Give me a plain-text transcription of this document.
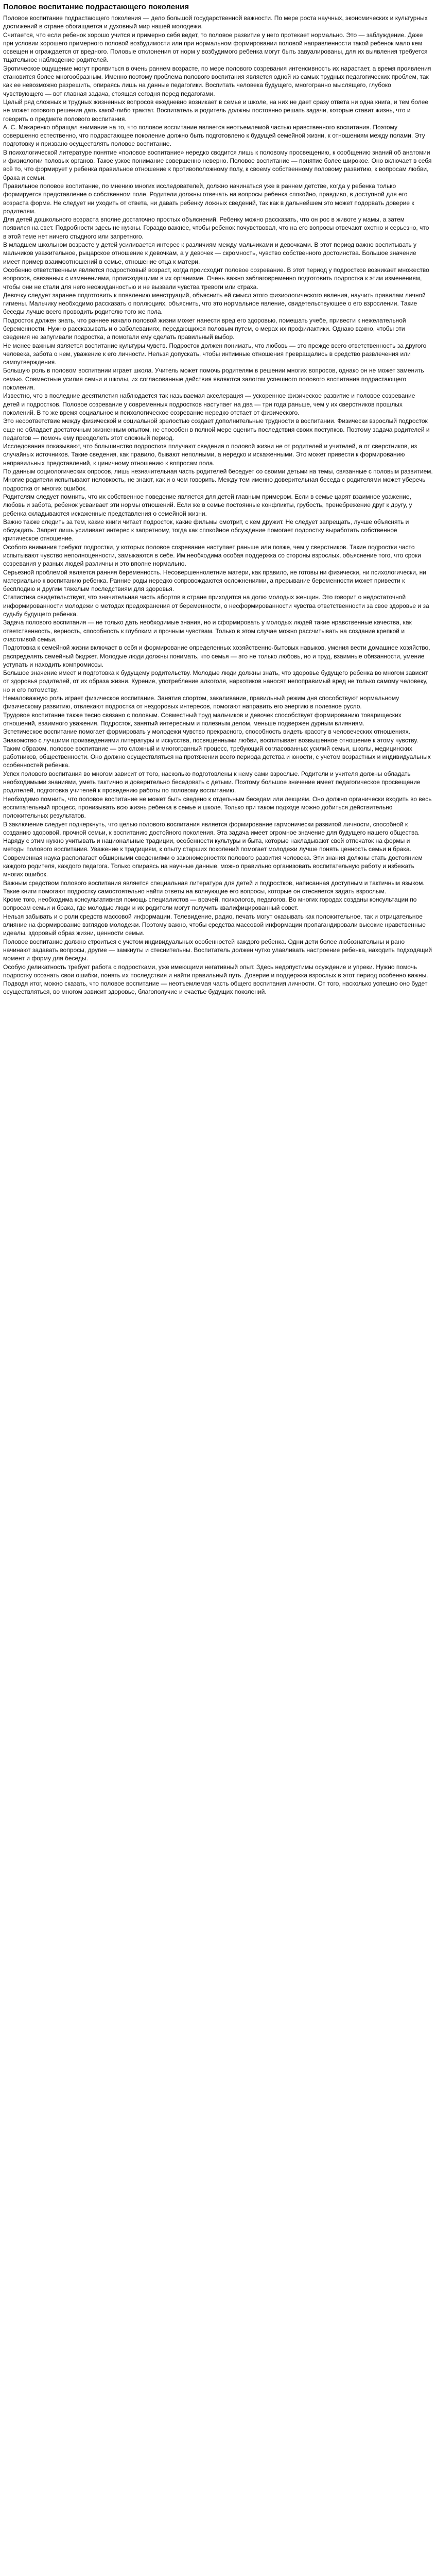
Половое воспитание подрастающего поколения

Половое воспитание подрастающего поколения — дело большой государственной важности. По мере роста научных, экономических и культурных достижений в стране обогащается и духовный мир нашей молодежи.

Считается, что если ребенок хорошо учится и примерно себя ведет, то половое развитие у него протекает нормально. Это — заблуждение. Даже при условии хорошего примерного половой возбудимости или при нормальном формировании половой направленности такой ребенок мало кем освещен и ограждается от вредного. Половые отклонения от норм у возбудимого ребенка могут быть завуалированы, для их выявления требуется тщательное наблюдение родителей.

Эротическое ощущение могут проявиться в очень раннем возрасте, по мере полового созревания интенсивность их нарастает, а время проявления становится более многообразным. Именно поэтому проблема полового воспитания является одной из самых трудных педагогических проблем, так как ее невозможно разрешить, опираясь лишь на данные педагогики. Воспитать человека будущего, многогранно мыслящего, глубоко чувствующего — вот главная задача, стоящая сегодня перед педагогами.

Целый ряд сложных и трудных жизненных вопросов ежедневно возникает в семье и школе, на них не дает сразу ответа ни одна книга, и тем более не может готового решения дать какой-либо трактат. Воспитатель и родитель должны постоянно решать задачи, которые ставит жизнь, что и говорить о предмете полового воспитания.

А. С. Макаренко обращал внимание на то, что половое воспитание является неотъемлемой частью нравственного воспитания. Поэтому совершенно естественно, что подрастающее поколение должно быть подготовлено к будущей семейной жизни, к отношениям между полами. Эту подготовку и призвано осуществлять половое воспитание.

В психологической литературе понятие «половое воспитание» нередко сводится лишь к половому просвещению, к сообщению знаний об анатомии и физиологии половых органов. Такое узкое понимание совершенно неверно. Половое воспитание — понятие более широкое. Оно включает в себя всё то, что формирует у ребенка правильное отношение к противоположному полу, к своему собственному половому развитию, к вопросам любви, брака и семьи.

Правильное половое воспитание, по мнению многих исследователей, должно начинаться уже в раннем детстве, когда у ребенка только формируется представление о собственном поле. Родители должны отвечать на вопросы ребенка спокойно, правдиво, в доступной для его возраста форме. Не следует ни уходить от ответа, ни давать ребенку ложных сведений, так как в дальнейшем это может подорвать доверие к родителям.

Для детей дошкольного возраста вполне достаточно простых объяснений. Ребенку можно рассказать, что он рос в животе у мамы, а затем появился на свет. Подробности здесь не нужны. Гораздо важнее, чтобы ребенок почувствовал, что на его вопросы отвечают охотно и серьезно, что в этой теме нет ничего стыдного или запретного.

В младшем школьном возрасте у детей усиливается интерес к различиям между мальчиками и девочками. В этот период важно воспитывать у мальчиков уважительное, рыцарское отношение к девочкам, а у девочек — скромность, чувство собственного достоинства. Большое значение имеет пример взаимоотношений в семье, отношение отца к матери.

Особенно ответственным является подростковый возраст, когда происходит половое созревание. В этот период у подростков возникает множество вопросов, связанных с изменениями, происходящими в их организме. Очень важно заблаговременно подготовить подростка к этим изменениям, чтобы они не стали для него неожиданностью и не вызвали чувства тревоги или страха.

Девочку следует заранее подготовить к появлению менструаций, объяснить ей смысл этого физиологического явления, научить правилам личной гигиены. Мальчику необходимо рассказать о поллюциях, объяснить, что это нормальное явление, свидетельствующее о его взрослении. Такие беседы лучше всего проводить родителю того же пола.

Подросток должен знать, что раннее начало половой жизни может нанести вред его здоровью, помешать учебе, привести к нежелательной беременности. Нужно рассказывать и о заболеваниях, передающихся половым путем, о мерах их профилактики. Однако важно, чтобы эти сведения не запугивали подростка, а помогали ему сделать правильный выбор.

Не менее важным является воспитание культуры чувств. Подросток должен понимать, что любовь — это прежде всего ответственность за другого человека, забота о нем, уважение к его личности. Нельзя допускать, чтобы интимные отношения превращались в средство развлечения или самоутверждения.

Большую роль в половом воспитании играет школа. Учитель может помочь родителям в решении многих вопросов, однако он не может заменить семью. Совместные усилия семьи и школы, их согласованные действия являются залогом успешного полового воспитания подрастающего поколения.

Известно, что в последние десятилетия наблюдается так называемая акселерация — ускоренное физическое развитие и половое созревание детей и подростков. Половое созревание у современных подростков наступает на два — три года раньше, чем у их сверстников прошлых поколений. В то же время социальное и психологическое созревание нередко отстает от физического.

Это несоответствие между физической и социальной зрелостью создает дополнительные трудности в воспитании. Физически взрослый подросток еще не обладает достаточным жизненным опытом, не способен в полной мере оценить последствия своих поступков. Поэтому задача родителей и педагогов — помочь ему преодолеть этот сложный период.

Исследования показывают, что большинство подростков получают сведения о половой жизни не от родителей и учителей, а от сверстников, из случайных источников. Такие сведения, как правило, бывают неполными, а нередко и искаженными. Это может привести к формированию неправильных представлений, к циничному отношению к вопросам пола.

По данным социологических опросов, лишь незначительная часть родителей беседует со своими детьми на темы, связанные с половым развитием. Многие родители испытывают неловкость, не знают, как и о чем говорить. Между тем именно доверительная беседа с родителями может уберечь подростка от многих ошибок.

Родителям следует помнить, что их собственное поведение является для детей главным примером. Если в семье царят взаимное уважение, любовь и забота, ребенок усваивает эти нормы отношений. Если же в семье постоянные конфликты, грубость, пренебрежение друг к другу, у ребенка складываются искаженные представления о семейной жизни.

Важно также следить за тем, какие книги читает подросток, какие фильмы смотрит, с кем дружит. Не следует запрещать, лучше объяснять и обсуждать. Запрет лишь усиливает интерес к запретному, тогда как спокойное обсуждение помогает подростку выработать собственное критическое отношение.

Особого внимания требуют подростки, у которых половое созревание наступает раньше или позже, чем у сверстников. Такие подростки часто испытывают чувство неполноценности, замыкаются в себе. Им необходима особая поддержка со стороны взрослых, объяснение того, что сроки созревания у разных людей различны и это вполне нормально.

Серьезной проблемой является ранняя беременность. Несовершеннолетние матери, как правило, не готовы ни физически, ни психологически, ни материально к воспитанию ребенка. Ранние роды нередко сопровождаются осложнениями, а прерывание беременности может привести к бесплодию и другим тяжелым последствиям для здоровья.

Статистика свидетельствует, что значительная часть абортов в стране приходится на долю молодых женщин. Это говорит о недостаточной информированности молодежи о методах предохранения от беременности, о несформированности чувства ответственности за свое здоровье и за судьбу будущего ребенка.

Задача полового воспитания — не только дать необходимые знания, но и сформировать у молодых людей такие нравственные качества, как ответственность, верность, способность к глубоким и прочным чувствам. Только в этом случае можно рассчитывать на создание крепкой и счастливой семьи.

Подготовка к семейной жизни включает в себя и формирование определенных хозяйственно-бытовых навыков, умения вести домашнее хозяйство, распределять семейный бюджет. Молодые люди должны понимать, что семья — это не только любовь, но и труд, взаимные обязанности, умение уступать и находить компромиссы.

Большое значение имеет и подготовка к будущему родительству. Молодые люди должны знать, что здоровье будущего ребенка во многом зависит от здоровья родителей, от их образа жизни. Курение, употребление алкоголя, наркотиков наносят непоправимый вред не только самому человеку, но и его потомству.

Немаловажную роль играет физическое воспитание. Занятия спортом, закаливание, правильный режим дня способствуют нормальному физическому развитию, отвлекают подростка от нездоровых интересов, помогают направить его энергию в полезное русло.

Трудовое воспитание также тесно связано с половым. Совместный труд мальчиков и девочек способствует формированию товарищеских отношений, взаимного уважения. Подросток, занятый интересным и полезным делом, меньше подвержен дурным влияниям.

Эстетическое воспитание помогает формировать у молодежи чувство прекрасного, способность видеть красоту в человеческих отношениях. Знакомство с лучшими произведениями литературы и искусства, посвященными любви, воспитывает возвышенное отношение к этому чувству.

Таким образом, половое воспитание — это сложный и многогранный процесс, требующий согласованных усилий семьи, школы, медицинских работников, общественности. Оно должно осуществляться на протяжении всего периода детства и юности, с учетом возрастных и индивидуальных особенностей ребенка.

Успех полового воспитания во многом зависит от того, насколько подготовлены к нему сами взрослые. Родители и учителя должны обладать необходимыми знаниями, уметь тактично и доверительно беседовать с детьми. Поэтому большое значение имеет педагогическое просвещение родителей, подготовка учителей к проведению работы по половому воспитанию.

Необходимо помнить, что половое воспитание не может быть сведено к отдельным беседам или лекциям. Оно должно органически входить во весь воспитательный процесс, пронизывать всю жизнь ребенка в семье и школе. Только при таком подходе можно добиться действительно положительных результатов.

В заключение следует подчеркнуть, что целью полового воспитания является формирование гармонически развитой личности, способной к созданию здоровой, прочной семьи, к воспитанию достойного поколения. Эта задача имеет огромное значение для будущего нашего общества.

Наряду с этим нужно учитывать и национальные традиции, особенности культуры и быта, которые накладывают свой отпечаток на формы и методы полового воспитания. Уважение к традициям, к опыту старших поколений помогает молодежи лучше понять ценность семьи и брака.

Современная наука располагает обширными сведениями о закономерностях полового развития человека. Эти знания должны стать достоянием каждого родителя, каждого педагога. Только опираясь на научные данные, можно правильно организовать воспитательную работу и избежать многих ошибок.

Важным средством полового воспитания является специальная литература для детей и подростков, написанная доступным и тактичным языком. Такие книги помогают подростку самостоятельно найти ответы на волнующие его вопросы, которые он стесняется задать взрослым.

Кроме того, необходима консультативная помощь специалистов — врачей, психологов, педагогов. Во многих городах созданы консультации по вопросам семьи и брака, где молодые люди и их родители могут получить квалифицированный совет.

Нельзя забывать и о роли средств массовой информации. Телевидение, радио, печать могут оказывать как положительное, так и отрицательное влияние на формирование взглядов молодежи. Поэтому важно, чтобы средства массовой информации пропагандировали высокие нравственные идеалы, здоровый образ жизни, ценности семьи.

Половое воспитание должно строиться с учетом индивидуальных особенностей каждого ребенка. Одни дети более любознательны и рано начинают задавать вопросы, другие — замкнуты и стеснительны. Воспитатель должен чутко улавливать настроение ребенка, находить подходящий момент и форму для беседы.

Особую деликатность требует работа с подростками, уже имеющими негативный опыт. Здесь недопустимы осуждение и упреки. Нужно помочь подростку осознать свои ошибки, понять их последствия и найти правильный путь. Доверие и поддержка взрослых в этот период особенно важны.

Подводя итог, можно сказать, что половое воспитание — неотъемлемая часть общего воспитания личности. От того, насколько успешно оно будет осуществляться, во многом зависит здоровье, благополучие и счастье будущих поколений.
